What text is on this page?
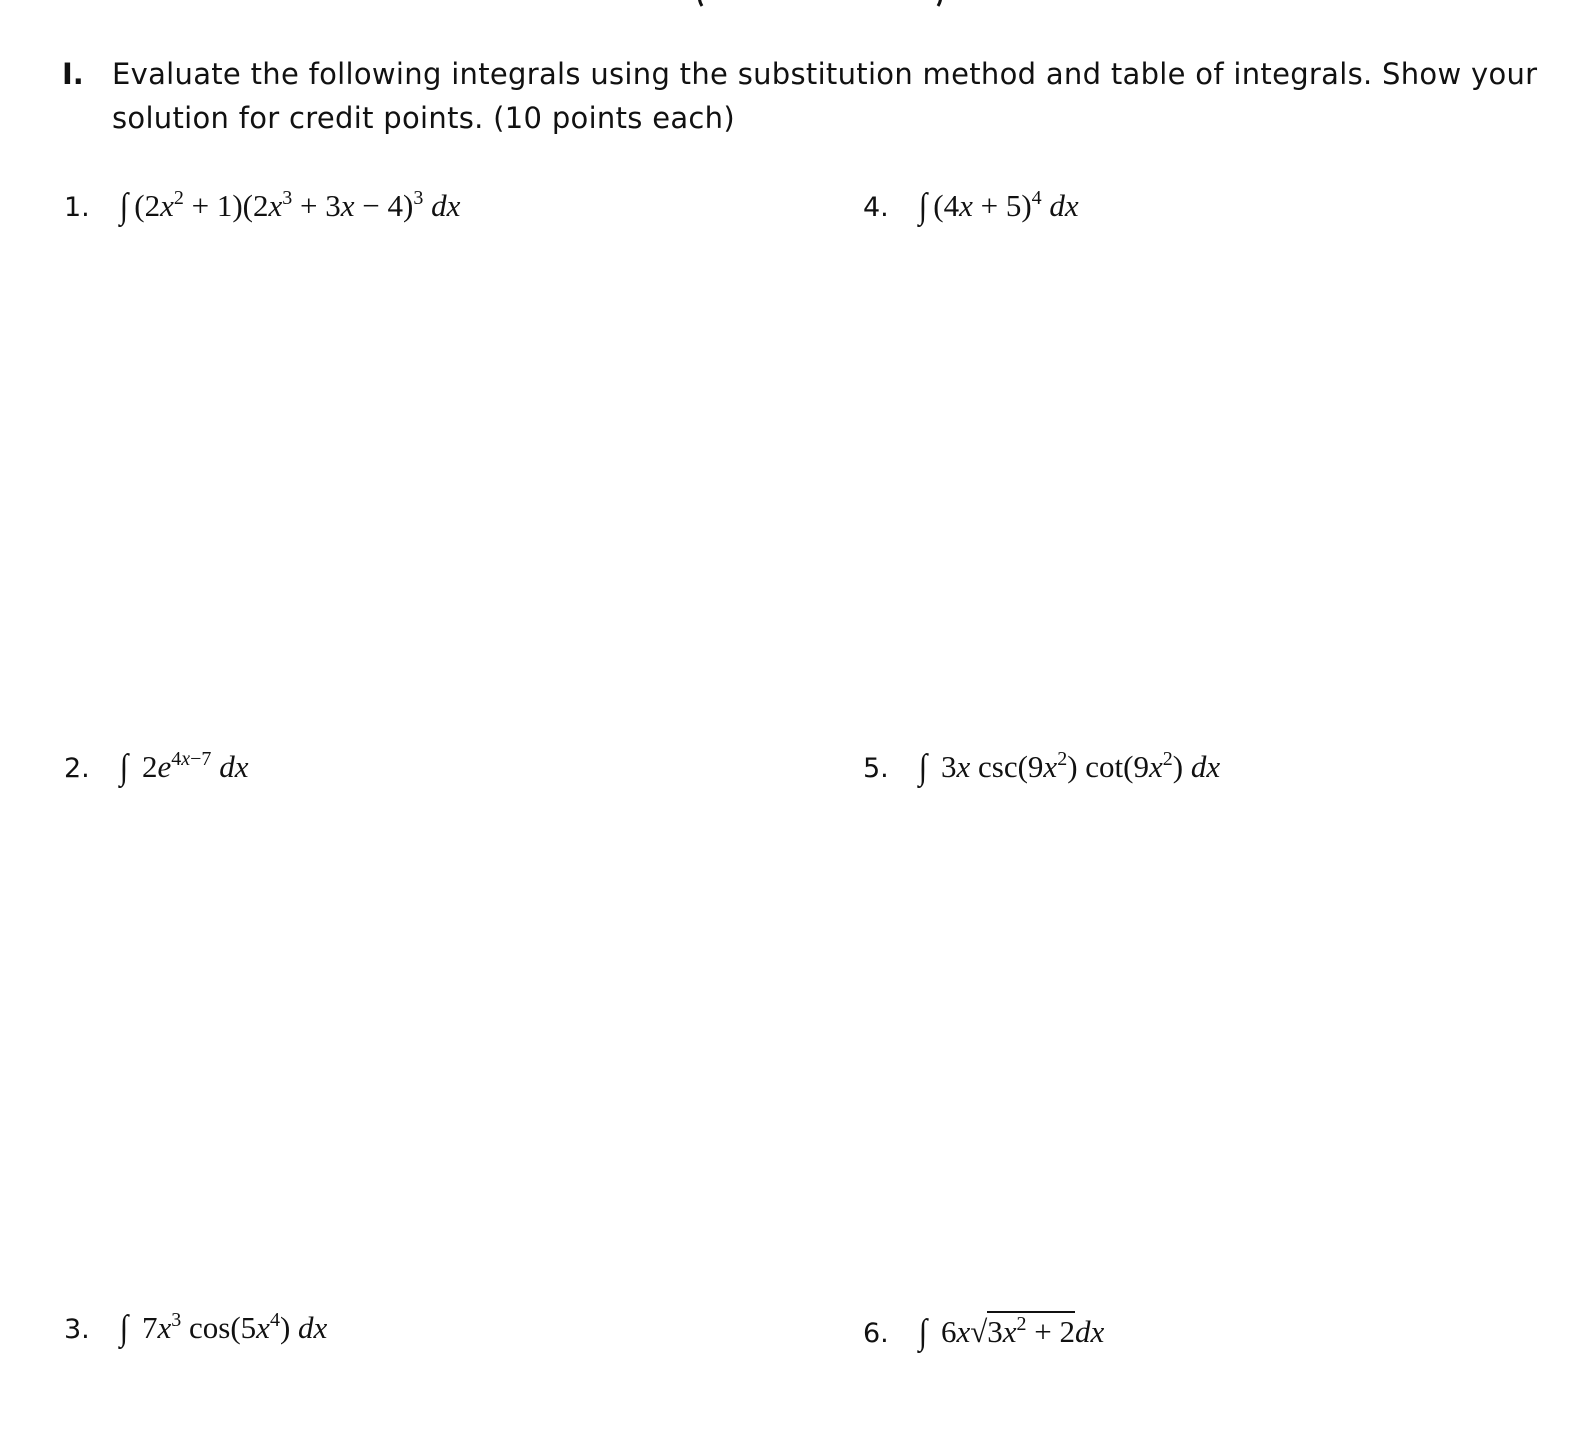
I. Evaluate the following integrals using the substitution method and table of integrals. Show your
solution for credit points. (10 points each)
1. ∫ $(2x^2 + 1)(2x^3 + 3x - 4)^3$ dx
2. ∫ $2e^{4x-7}$ dx
3. ∫ $7x^3$ $\cos(5x^4)$ dx
4. ∫ $(4x + 5)^4$ dx
5. ∫ 3x $\csc(9x^2)$ $\cot(9x^2)$ dx
6. ∫ $6x√3x^2 + 2dx$
